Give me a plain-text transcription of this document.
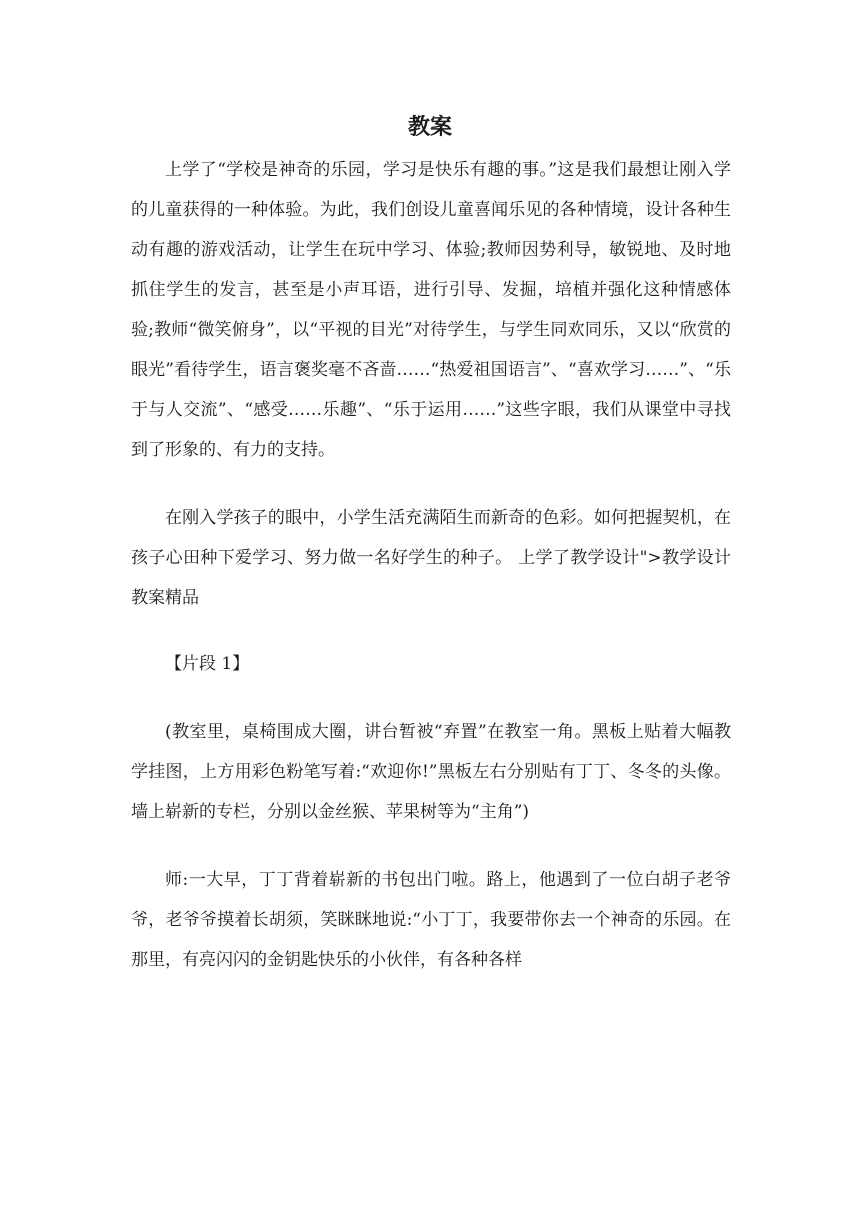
教案

上学了“学校是神奇的乐园，学习是快乐有趣的事。”这是我们最想让刚入学的儿童获得的一种体验。为此，我们创设儿童喜闻乐见的各种情境，设计各种生动有趣的游戏活动，让学生在玩中学习、体验;教师因势利导，敏锐地、及时地抓住学生的发言，甚至是小声耳语，进行引导、发掘，培植并强化这种情感体验;教师“微笑俯身”，以“平视的目光”对待学生，与学生同欢同乐，又以“欣赏的眼光”看待学生，语言褒奖毫不吝啬……“热爱祖国语言”、“喜欢学习……”、“乐于与人交流”、“感受……乐趣”、“乐于运用……”这些字眼，我们从课堂中寻找到了形象的、有力的支持。

在刚入学孩子的眼中，小学生活充满陌生而新奇的色彩。如何把握契机，在孩子心田种下爱学习、努力做一名好学生的种子。 上学了教学设计">教学设计教案精品

【片段 1】

(教室里，桌椅围成大圈，讲台暂被“弃置”在教室一角。黑板上贴着大幅教学挂图，上方用彩色粉笔写着:“欢迎你!”黑板左右分别贴有丁丁、冬冬的头像。墙上崭新的专栏，分别以金丝猴、苹果树等为“主角”)

师:一大早，丁丁背着崭新的书包出门啦。路上，他遇到了一位白胡子老爷爷，老爷爷摸着长胡须，笑眯眯地说:“小丁丁，我要带你去一个神奇的乐园。在那里，有亮闪闪的金钥匙快乐的小伙伴，有各种各样
